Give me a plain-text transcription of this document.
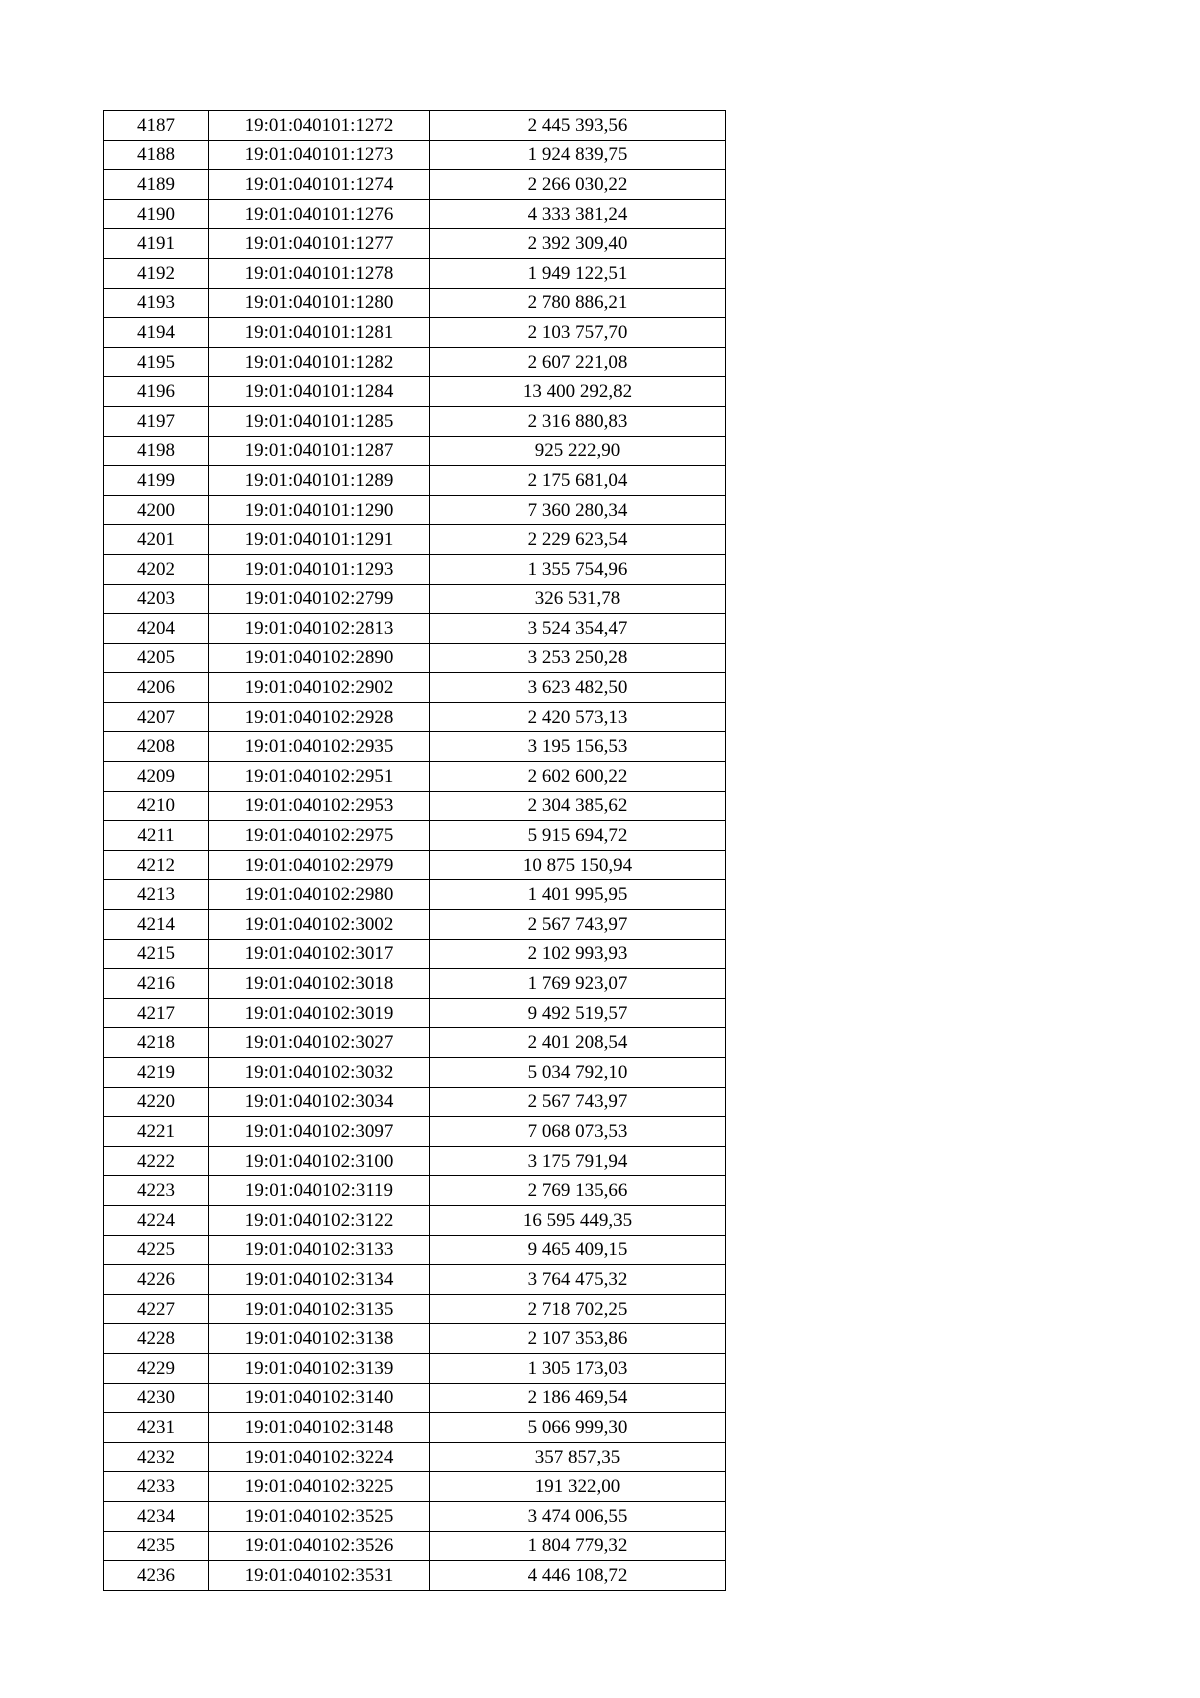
4187	19:01:040101:1272	2 445 393,56
4188	19:01:040101:1273	1 924 839,75
4189	19:01:040101:1274	2 266 030,22
4190	19:01:040101:1276	4 333 381,24
4191	19:01:040101:1277	2 392 309,40
4192	19:01:040101:1278	1 949 122,51
4193	19:01:040101:1280	2 780 886,21
4194	19:01:040101:1281	2 103 757,70
4195	19:01:040101:1282	2 607 221,08
4196	19:01:040101:1284	13 400 292,82
4197	19:01:040101:1285	2 316 880,83
4198	19:01:040101:1287	925 222,90
4199	19:01:040101:1289	2 175 681,04
4200	19:01:040101:1290	7 360 280,34
4201	19:01:040101:1291	2 229 623,54
4202	19:01:040101:1293	1 355 754,96
4203	19:01:040102:2799	326 531,78
4204	19:01:040102:2813	3 524 354,47
4205	19:01:040102:2890	3 253 250,28
4206	19:01:040102:2902	3 623 482,50
4207	19:01:040102:2928	2 420 573,13
4208	19:01:040102:2935	3 195 156,53
4209	19:01:040102:2951	2 602 600,22
4210	19:01:040102:2953	2 304 385,62
4211	19:01:040102:2975	5 915 694,72
4212	19:01:040102:2979	10 875 150,94
4213	19:01:040102:2980	1 401 995,95
4214	19:01:040102:3002	2 567 743,97
4215	19:01:040102:3017	2 102 993,93
4216	19:01:040102:3018	1 769 923,07
4217	19:01:040102:3019	9 492 519,57
4218	19:01:040102:3027	2 401 208,54
4219	19:01:040102:3032	5 034 792,10
4220	19:01:040102:3034	2 567 743,97
4221	19:01:040102:3097	7 068 073,53
4222	19:01:040102:3100	3 175 791,94
4223	19:01:040102:3119	2 769 135,66
4224	19:01:040102:3122	16 595 449,35
4225	19:01:040102:3133	9 465 409,15
4226	19:01:040102:3134	3 764 475,32
4227	19:01:040102:3135	2 718 702,25
4228	19:01:040102:3138	2 107 353,86
4229	19:01:040102:3139	1 305 173,03
4230	19:01:040102:3140	2 186 469,54
4231	19:01:040102:3148	5 066 999,30
4232	19:01:040102:3224	357 857,35
4233	19:01:040102:3225	191 322,00
4234	19:01:040102:3525	3 474 006,55
4235	19:01:040102:3526	1 804 779,32
4236	19:01:040102:3531	4 446 108,72
